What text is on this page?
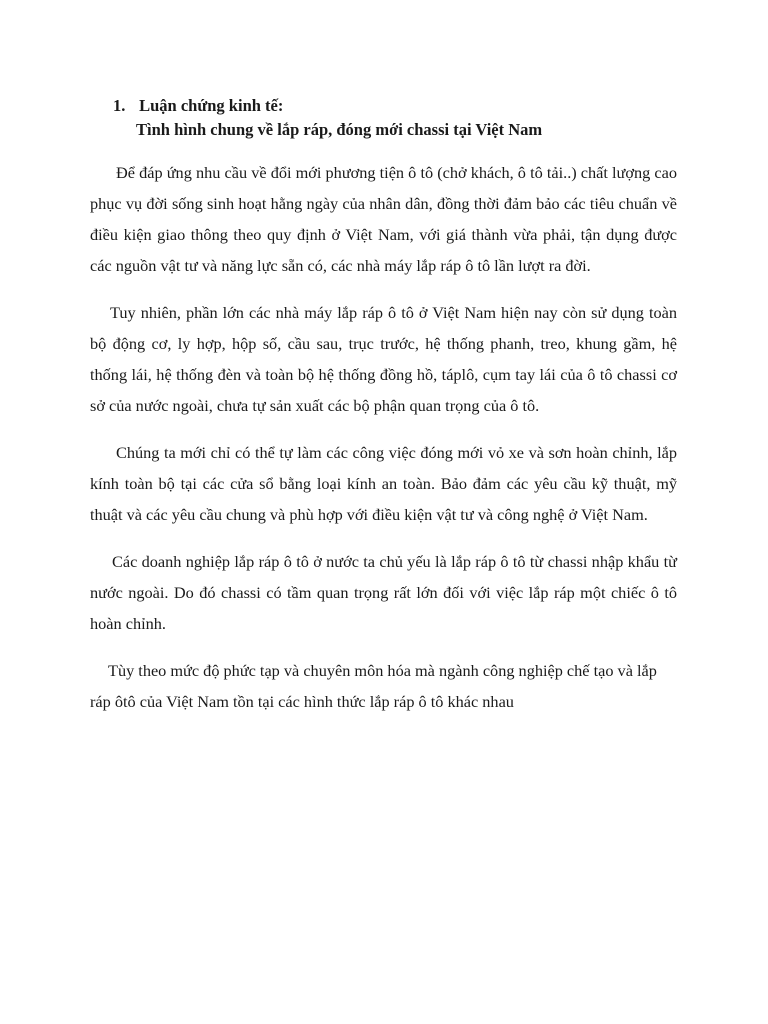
1. Luận chứng kinh tế:
Tình hình chung về lắp ráp, đóng mới chassi tại Việt Nam

Để đáp ứng nhu cầu về đổi mới phương tiện ô tô (chở khách, ô tô tải..) chất lượng cao phục vụ đời sống sinh hoạt hằng ngày của nhân dân, đồng thời đảm bảo các tiêu chuẩn về điều kiện giao thông theo quy định ở Việt Nam, với giá thành vừa phải, tận dụng được các nguồn vật tư và năng lực sẵn có, các nhà máy lắp ráp ô tô lần lượt ra đời.

Tuy nhiên, phần lớn các nhà máy lắp ráp ô tô ở Việt Nam hiện nay còn sử dụng toàn bộ động cơ, ly hợp, hộp số, cầu sau, trục trước, hệ thống phanh, treo, khung gầm, hệ thống lái, hệ thống đèn và toàn bộ hệ thống đồng hồ, táplô, cụm tay lái của ô tô chassi cơ sở của nước ngoài, chưa tự sản xuất các bộ phận quan trọng của ô tô.

Chúng ta mới chỉ có thể tự làm các công việc đóng mới vỏ xe và sơn hoàn chỉnh, lắp kính toàn bộ tại các cửa sổ bằng loại kính an toàn. Bảo đảm các yêu cầu kỹ thuật, mỹ thuật và các yêu cầu chung và phù hợp với điều kiện vật tư và công nghệ ở Việt Nam.

Các doanh nghiệp lắp ráp ô tô ở nước ta chủ yếu là lắp ráp ô tô từ chassi nhập khẩu từ nước ngoài. Do đó chassi có tầm quan trọng rất lớn đối với việc lắp ráp một chiếc ô tô hoàn chỉnh.

Tùy theo mức độ phức tạp và chuyên môn hóa mà ngành công nghiệp chế tạo và lắp ráp ôtô của Việt Nam tồn tại các hình thức lắp ráp ô tô khác nhau
